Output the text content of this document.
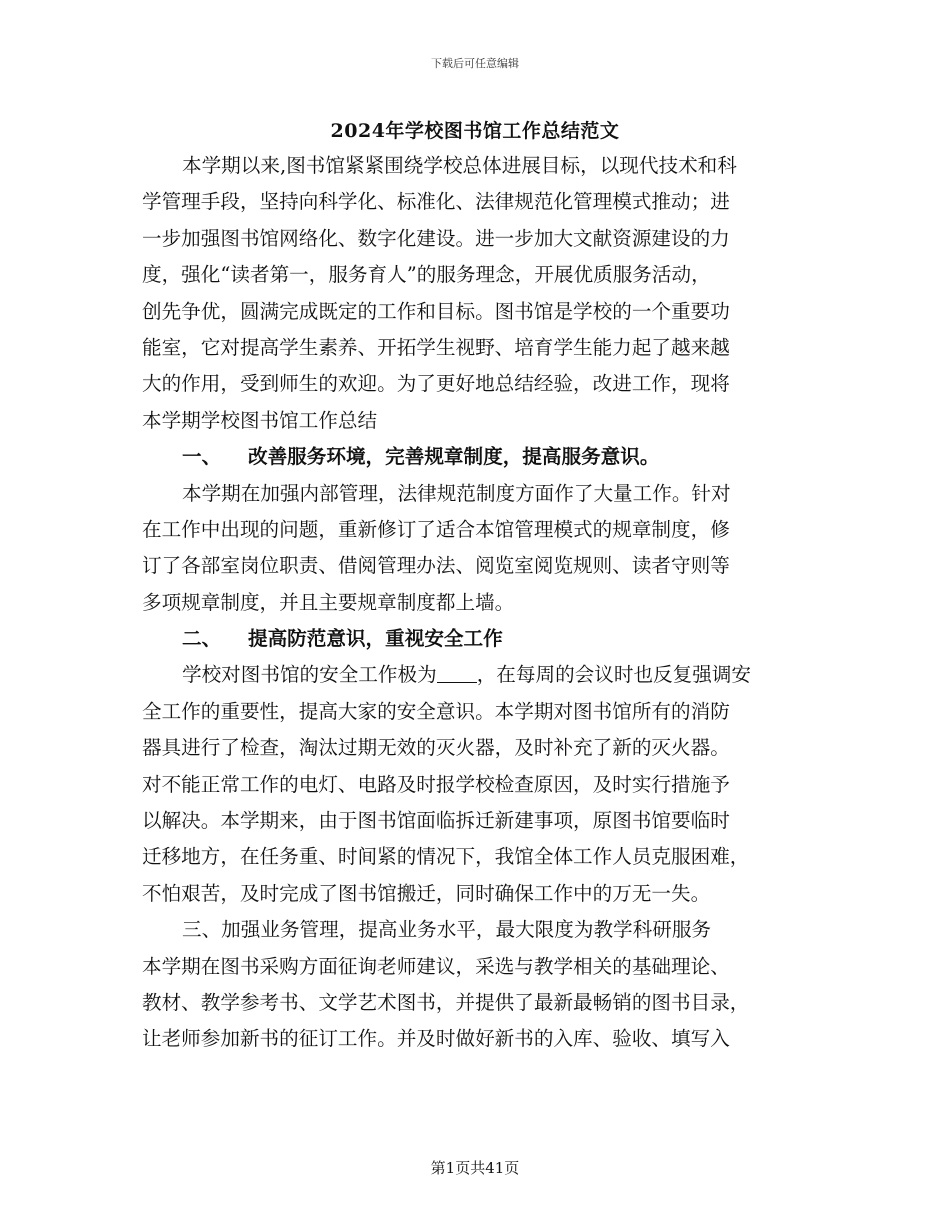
下载后可任意编辑
2024年学校图书馆工作总结范文
本学期以来,图书馆紧紧围绕学校总体进展目标，以现代技术和科
学管理手段，坚持向科学化、标准化、法律规范化管理模式推动；进
一步加强图书馆网络化、数字化建设。进一步加大文献资源建设的力
度，强化“读者第一，服务育人”的服务理念，开展优质服务活动，
创先争优，圆满完成既定的工作和目标。图书馆是学校的一个重要功
能室，它对提高学生素养、开拓学生视野、培育学生能力起了越来越
大的作用，受到师生的欢迎。为了更好地总结经验，改进工作，现将
本学期学校图书馆工作总结
一、 改善服务环境，完善规章制度，提高服务意识。
本学期在加强内部管理，法律规范制度方面作了大量工作。针对
在工作中出现的问题，重新修订了适合本馆管理模式的规章制度，修
订了各部室岗位职责、借阅管理办法、阅览室阅览规则、读者守则等
多项规章制度，并且主要规章制度都上墙。
二、 提高防范意识，重视安全工作
学校对图书馆的安全工作极为 ，在每周的会议时也反复强调安
全工作的重要性，提高大家的安全意识。本学期对图书馆所有的消防
器具进行了检查，淘汰过期无效的灭火器，及时补充了新的灭火器。
对不能正常工作的电灯、电路及时报学校检查原因，及时实行措施予
以解决。本学期来，由于图书馆面临拆迁新建事项，原图书馆要临时
迁移地方，在任务重、时间紧的情况下，我馆全体工作人员克服困难，
不怕艰苦，及时完成了图书馆搬迁，同时确保工作中的万无一失。
三、加强业务管理，提高业务水平，最大限度为教学科研服务
本学期在图书采购方面征询老师建议，采选与教学相关的基础理论、
教材、教学参考书、文学艺术图书，并提供了最新最畅销的图书目录，
让老师参加新书的征订工作。并及时做好新书的入库、验收、填写入
第1页共41页
